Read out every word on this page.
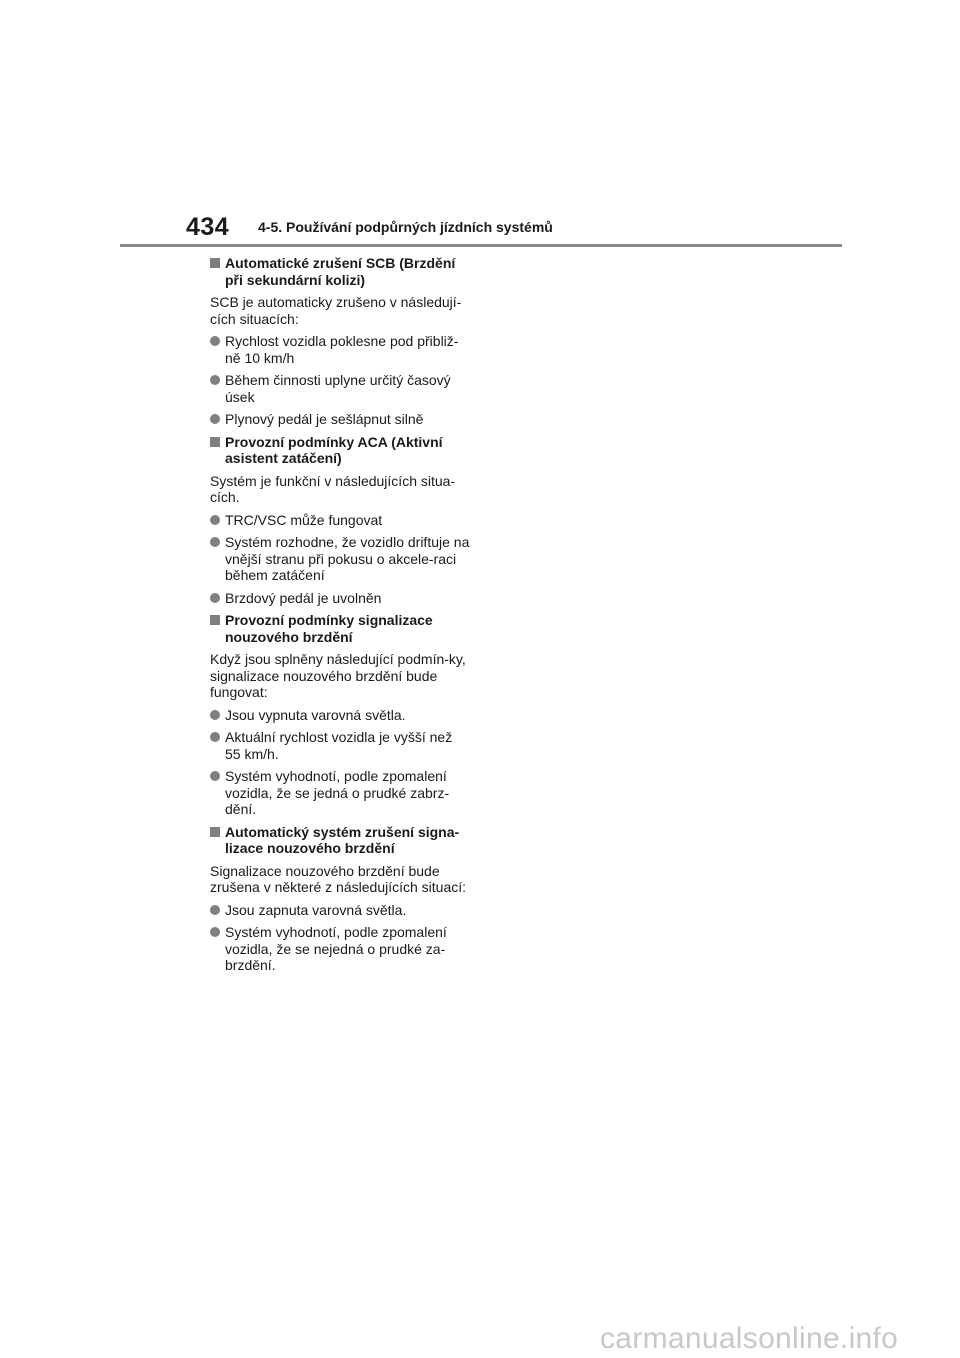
434 4-5. Používání podpůrných jízdních systémů
Automatické zrušení SCB (Brzdění při sekundární kolizi)
SCB je automaticky zrušeno v následují-cích situacích:
Rychlost vozidla poklesne pod přibliž-ně 10 km/h
Během činnosti uplyne určitý časový úsek
Plynový pedál je sešlápnut silně
Provozní podmínky ACA (Aktivní asistent zatáčení)
Systém je funkční v následujících situa-cích.
TRC/VSC může fungovat
Systém rozhodne, že vozidlo driftuje na vnější stranu při pokusu o akcele-raci během zatáčení
Brzdový pedál je uvolněn
Provozní podmínky signalizace nouzového brzdění
Když jsou splněny následující podmín-ky, signalizace nouzového brzdění bude fungovat:
Jsou vypnuta varovná světla.
Aktuální rychlost vozidla je vyšší než 55 km/h.
Systém vyhodnotí, podle zpomalení vozidla, že se jedná o prudké zabrz-dění.
Automatický systém zrušení signa-lizace nouzového brzdění
Signalizace nouzového brzdění bude zrušena v některé z následujících situací:
Jsou zapnuta varovná světla.
Systém vyhodnotí, podle zpomalení vozidla, že se nejedná o prudké za-brzdění.
carmanualsonline.info
